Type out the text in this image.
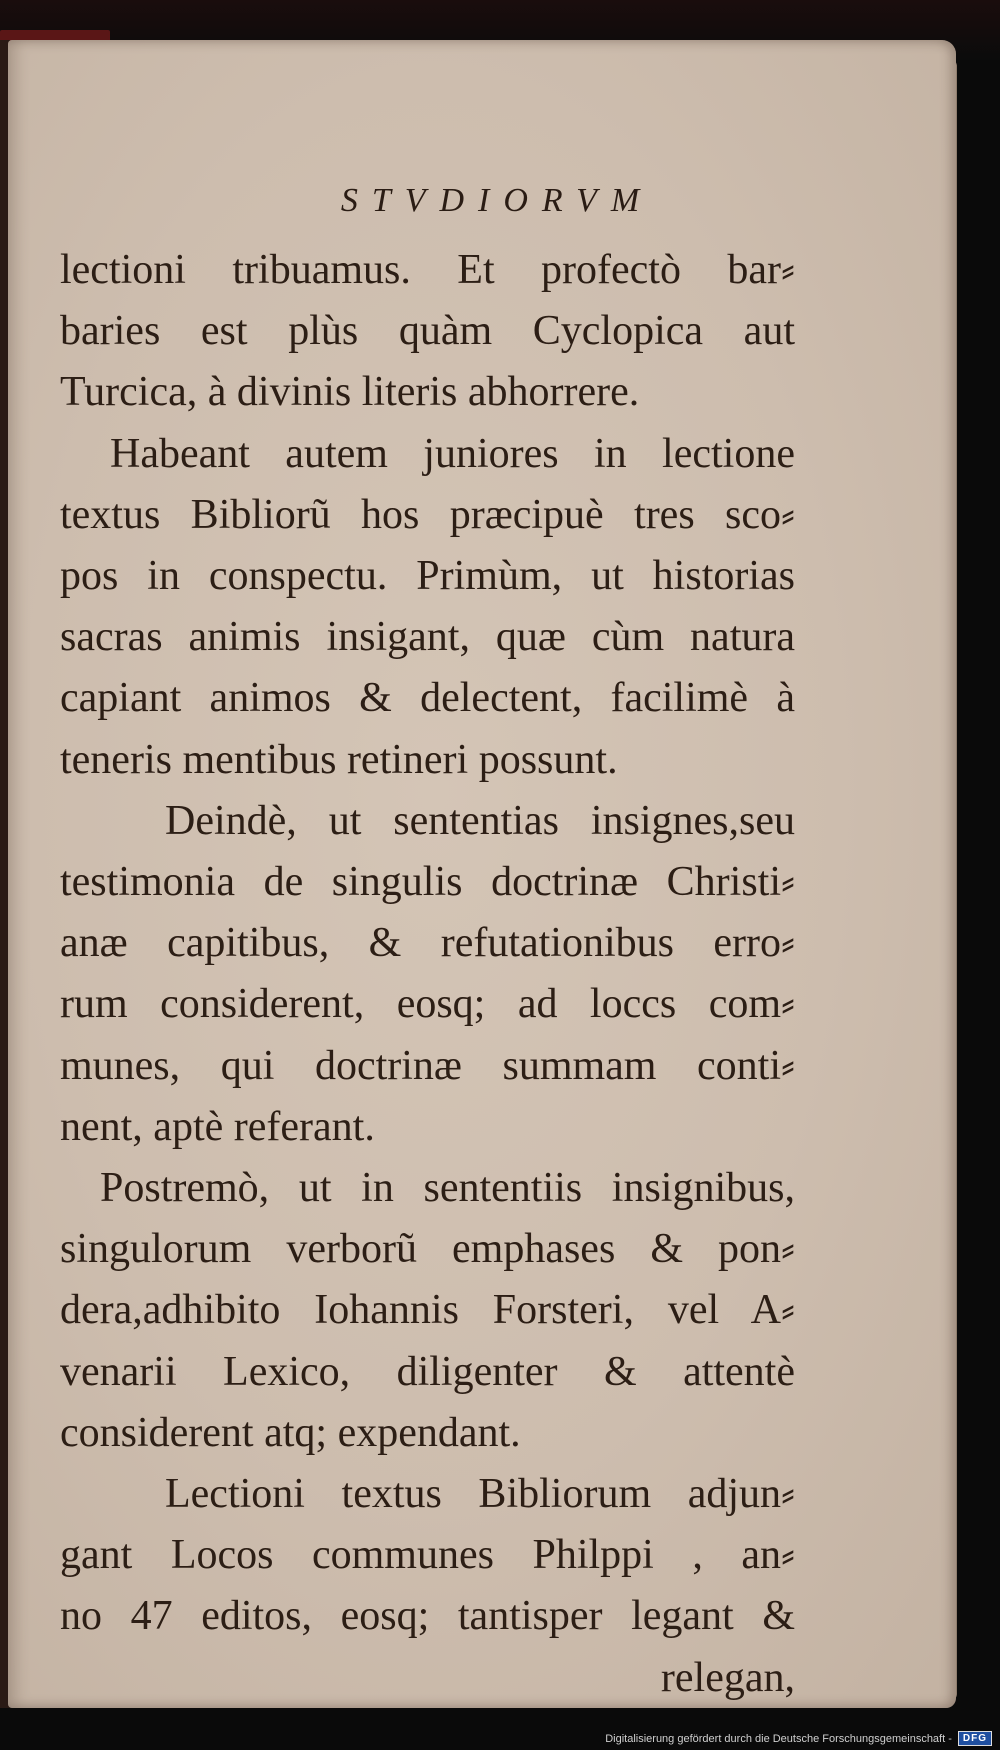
STVDIORVM
lectioni tribuamus. Et profectò bar⸗
baries est plùs quàm Cyclopica aut
Turcica, à divinis literis abhorrere.
Habeant autem juniores in lectione
textus Bibliorũ hos præcipuè tres sco⸗
pos in conspectu. Primùm, ut historias
sacras animis insigant, quæ cùm natura
capiant animos & delectent, facilimè à
teneris mentibus retineri possunt.
Deindè, ut sententias insignes,seu
testimonia de singulis doctrinæ Christi⸗
anæ capitibus, & refutationibus erro⸗
rum considerent, eosq; ad loccs com⸗
munes, qui doctrinæ summam conti⸗
nent, aptè referant.
Postremò, ut in sententiis insignibus,
singulorum verborũ emphases & pon⸗
dera,adhibito Iohannis Forsteri, vel A⸗
venarii Lexico, diligenter & attentè
considerent atq; expendant.
Lectioni textus Bibliorum adjun⸗
gant Locos communes Philppi , an⸗
no 47 editos, eosq; tantisper legant &
relegan,
Digitalisierung gefördert durch die Deutsche Forschungsgemeinschaft -	DFG
